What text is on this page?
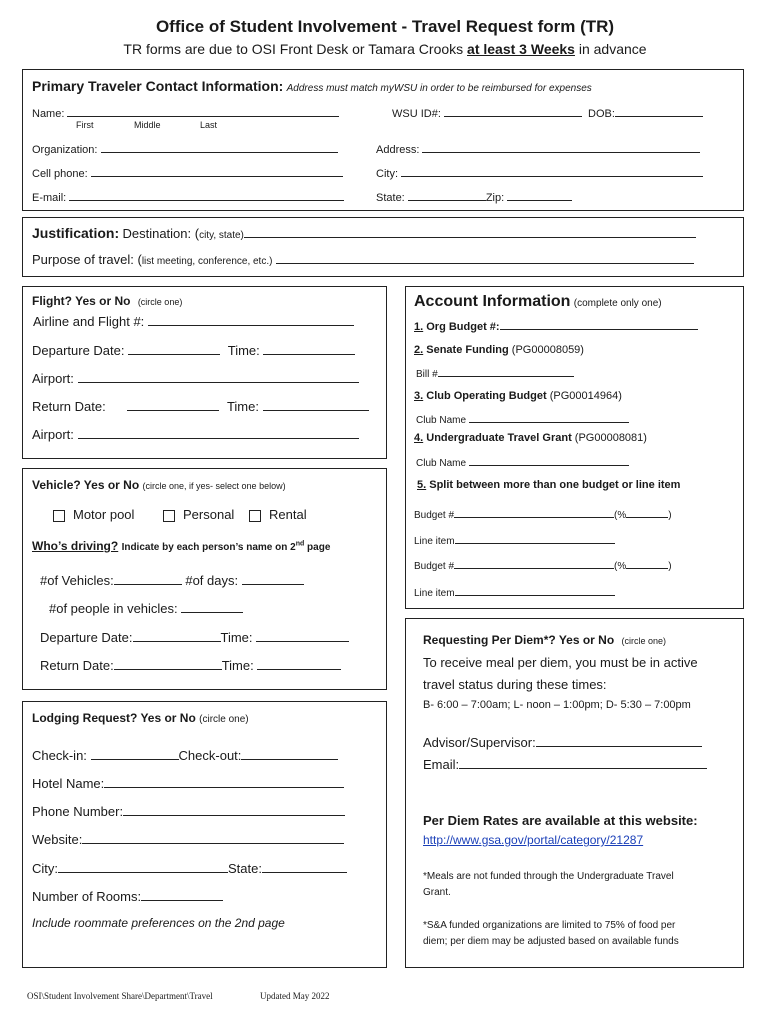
Office of Student Involvement - Travel Request form (TR)
TR forms are due to OSI Front Desk or Tamara Crooks at least 3 Weeks in advance
Primary Traveler Contact Information: Address must match myWSU in order to be reimbursed for expenses
Name:
First	Middle	Last
WSU ID#:	DOB:
Organization:	Address:
Cell phone:	City:
E-mail:	State:	Zip:
Justification: Destination: (city, state)
Purpose of travel: (list meeting, conference, etc.)
Flight? Yes or No (circle one)
Airline and Flight #:
Departure Date:	Time:
Airport:
Return Date:	Time:
Airport:
Vehicle? Yes or No (circle one, if yes- select one below)
Motor pool	Personal	Rental
Who’s driving? Indicate by each person’s name on 2nd page
#of Vehicles:	#of days:
#of people in vehicles:
Departure Date:	Time:
Return Date:	Time:
Lodging Request? Yes or No (circle one)
Check-in:	Check-out:
Hotel Name:
Phone Number:
Website:
City:	State:
Number of Rooms:
Include roommate preferences on the 2nd page
Account Information (complete only one)
1. Org Budget #:
2. Senate Funding (PG00008059)
Bill #
3. Club Operating Budget (PG00014964)
Club Name
4. Undergraduate Travel Grant (PG00008081)
Club Name
5. Split between more than one budget or line item
Budget #	(%	)
Line item
Budget #	(%	)
Line item
Requesting Per Diem*? Yes or No (circle one)
To receive meal per diem, you must be in active
travel status during these times:
B- 6:00 – 7:00am; L- noon – 1:00pm; D- 5:30 – 7:00pm
Advisor/Supervisor:
Email:
Per Diem Rates are available at this website:
http://www.gsa.gov/portal/category/21287
*Meals are not funded through the Undergraduate Travel
Grant.
*S&A funded organizations are limited to 75% of food per
diem; per diem may be adjusted based on available funds
OSI\Student Involvement Share\Department\Travel	Updated May 2022
